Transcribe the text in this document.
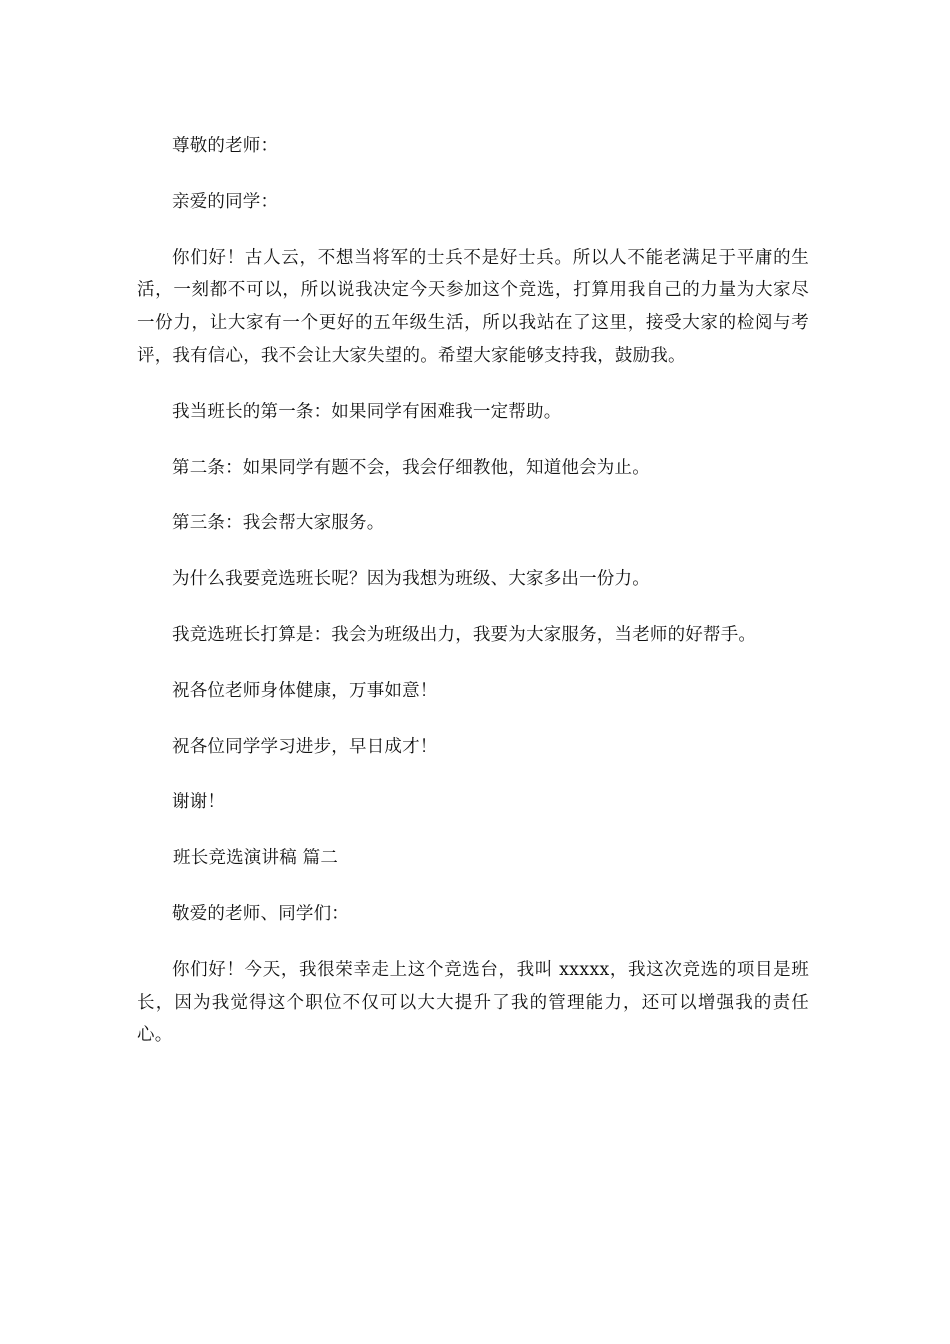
尊敬的老师：

亲爱的同学：

你们好！古人云，不想当将军的士兵不是好士兵。所以人不能老满足于平庸的生活，一刻都不可以，所以说我决定今天参加这个竞选，打算用我自己的力量为大家尽一份力，让大家有一个更好的五年级生活，所以我站在了这里，接受大家的检阅与考评，我有信心，我不会让大家失望的。希望大家能够支持我，鼓励我。

我当班长的第一条：如果同学有困难我一定帮助。

第二条：如果同学有题不会，我会仔细教他，知道他会为止。

第三条：我会帮大家服务。

为什么我要竞选班长呢？因为我想为班级、大家多出一份力。

我竞选班长打算是：我会为班级出力，我要为大家服务，当老师的好帮手。

祝各位老师身体健康，万事如意！

祝各位同学学习进步，早日成才！

谢谢！

班长竞选演讲稿 篇二

敬爱的老师、同学们：

你们好！今天，我很荣幸走上这个竞选台，我叫 xxxxx，我这次竞选的项目是班长，因为我觉得这个职位不仅可以大大提升了我的管理能力，还可以增强我的责任心。
